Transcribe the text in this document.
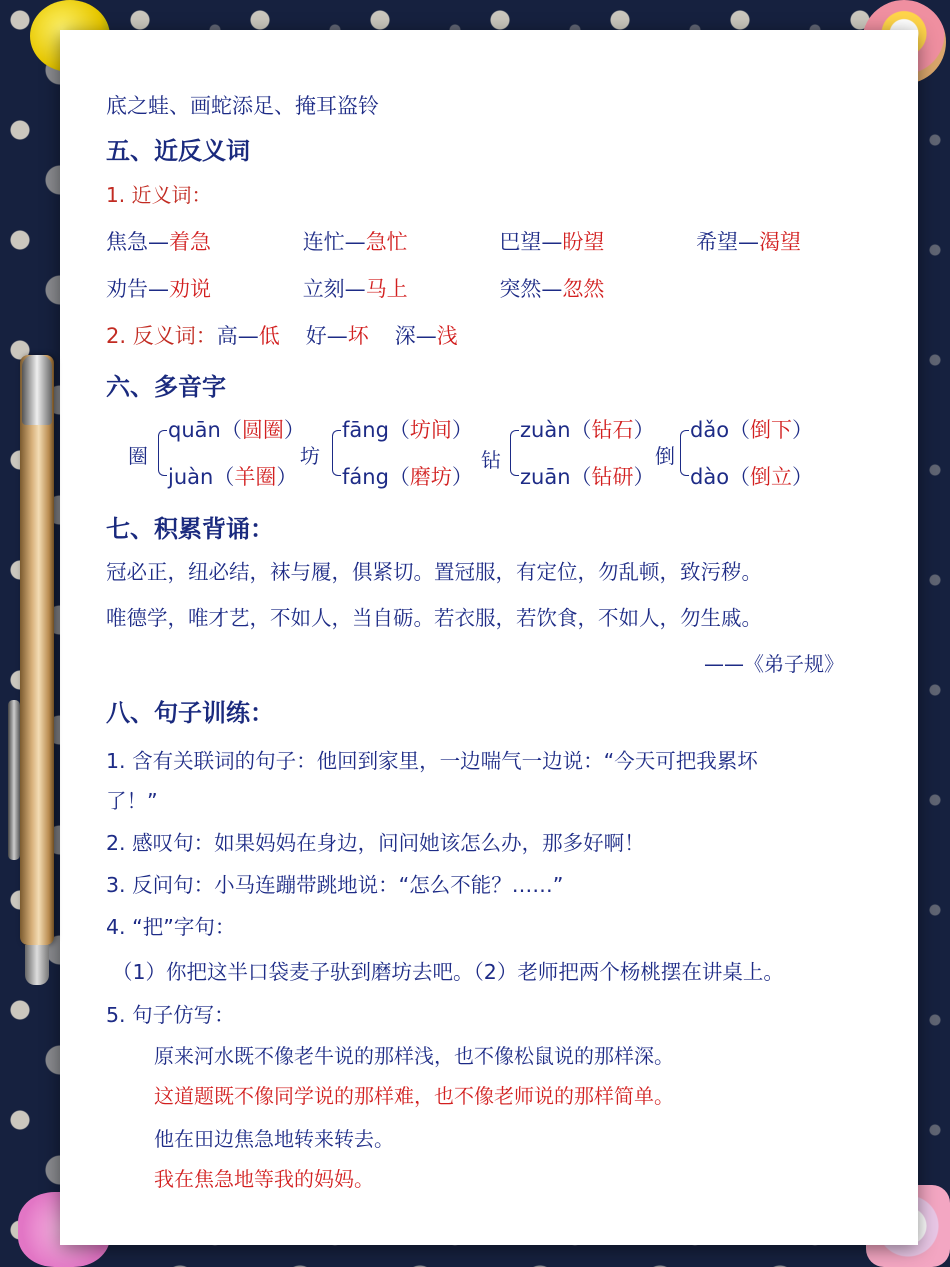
底之蛙、画蛇添足、掩耳盗铃
五、近反义词
1. 近义词：
焦急—着急	连忙—急忙	巴望—盼望	希望—渴望
劝告—劝说	立刻—马上	突然—忽然
2. 反义词：高—低 好—坏 深—浅
六、多音字
圈
quān（圆圈）
juàn（羊圈）
坊
fāng（坊间）
fáng（磨坊）
钻
zuàn（钻石）
zuān（钻研）
倒
dǎo（倒下）
dào（倒立）
七、积累背诵：
冠必正，纽必结，袜与履，俱紧切。置冠服，有定位，勿乱顿，致污秽。
唯德学，唯才艺，不如人，当自砺。若衣服，若饮食，不如人，勿生戚。
——《弟子规》
八、句子训练：
1. 含有关联词的句子：他回到家里，一边喘气一边说：“今天可把我累坏
了！”
2. 感叹句：如果妈妈在身边，问问她该怎么办，那多好啊！
3. 反问句：小马连蹦带跳地说：“怎么不能？……”
4. “把”字句：
（1）你把这半口袋麦子驮到磨坊去吧。（2）老师把两个杨桃摆在讲桌上。
5. 句子仿写：
原来河水既不像老牛说的那样浅，也不像松鼠说的那样深。
这道题既不像同学说的那样难，也不像老师说的那样简单。
他在田边焦急地转来转去。
我在焦急地等我的妈妈。
